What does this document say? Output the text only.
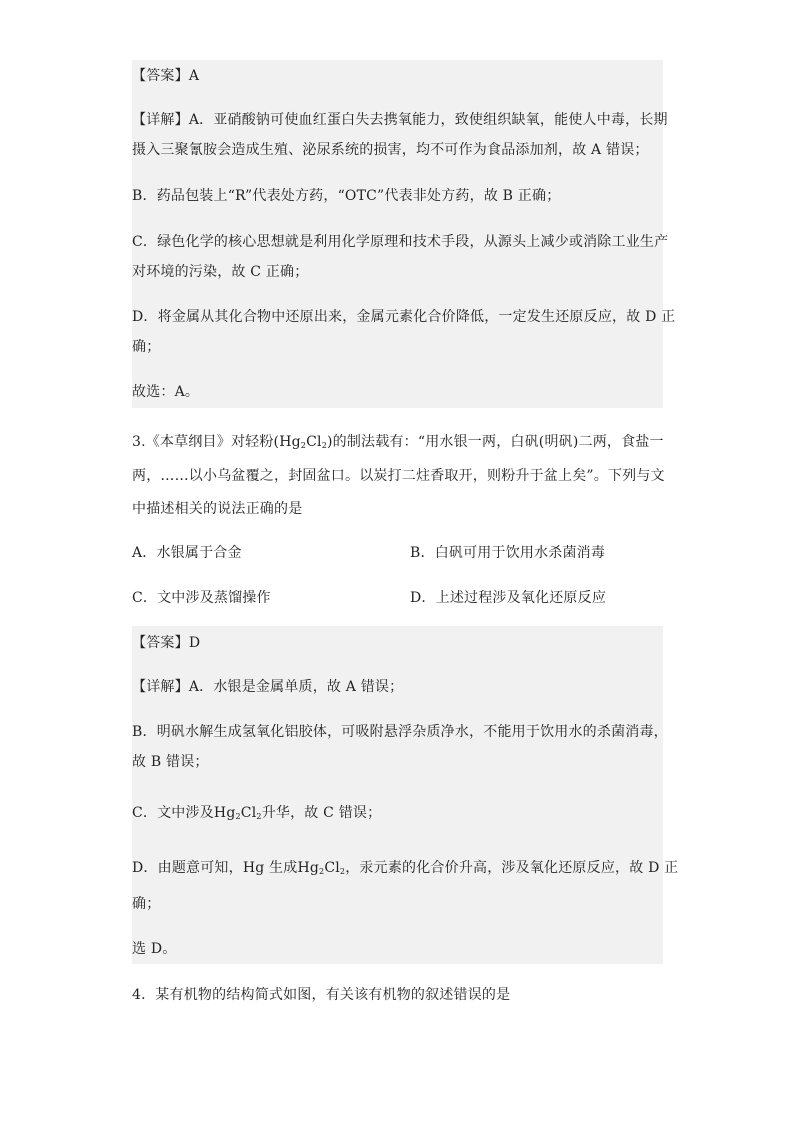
【答案】A
【详解】A．亚硝酸钠可使血红蛋白失去携氧能力，致使组织缺氧，能使人中毒，长期
摄入三聚氰胺会造成生殖、泌尿系统的损害，均不可作为食品添加剂，故 A 错误；
B．药品包装上“R”代表处方药，“OTC”代表非处方药，故 B 正确；
C．绿色化学的核心思想就是利用化学原理和技术手段，从源头上减少或消除工业生产
对环境的污染，故 C 正确；
D．将金属从其化合物中还原出来，金属元素化合价降低，一定发生还原反应，故 D 正
确；
故选：A。
3.《本草纲目》对轻粉$(Hg_2Cl_2)$的制法载有：“用水银一两，白矾(明矾)二两，食盐一
两，……以小乌盆覆之，封固盆口。以炭打二炷香取开，则粉升于盆上矣”。下列与文
中描述相关的说法正确的是
A．水银属于合金	B．白矾可用于饮用水杀菌消毒
C．文中涉及蒸馏操作	D．上述过程涉及氧化还原反应
【答案】D
【详解】A．水银是金属单质，故 A 错误；
B．明矾水解生成氢氧化铝胶体，可吸附悬浮杂质净水，不能用于饮用水的杀菌消毒，
故 B 错误；
C．文中涉及$Hg_2Cl_2$升华，故 C 错误；
D．由题意可知，Hg 生成$Hg_2Cl_2$，汞元素的化合价升高，涉及氧化还原反应，故 D 正
确；
选 D。
4．某有机物的结构简式如图，有关该有机物的叙述错误的是
